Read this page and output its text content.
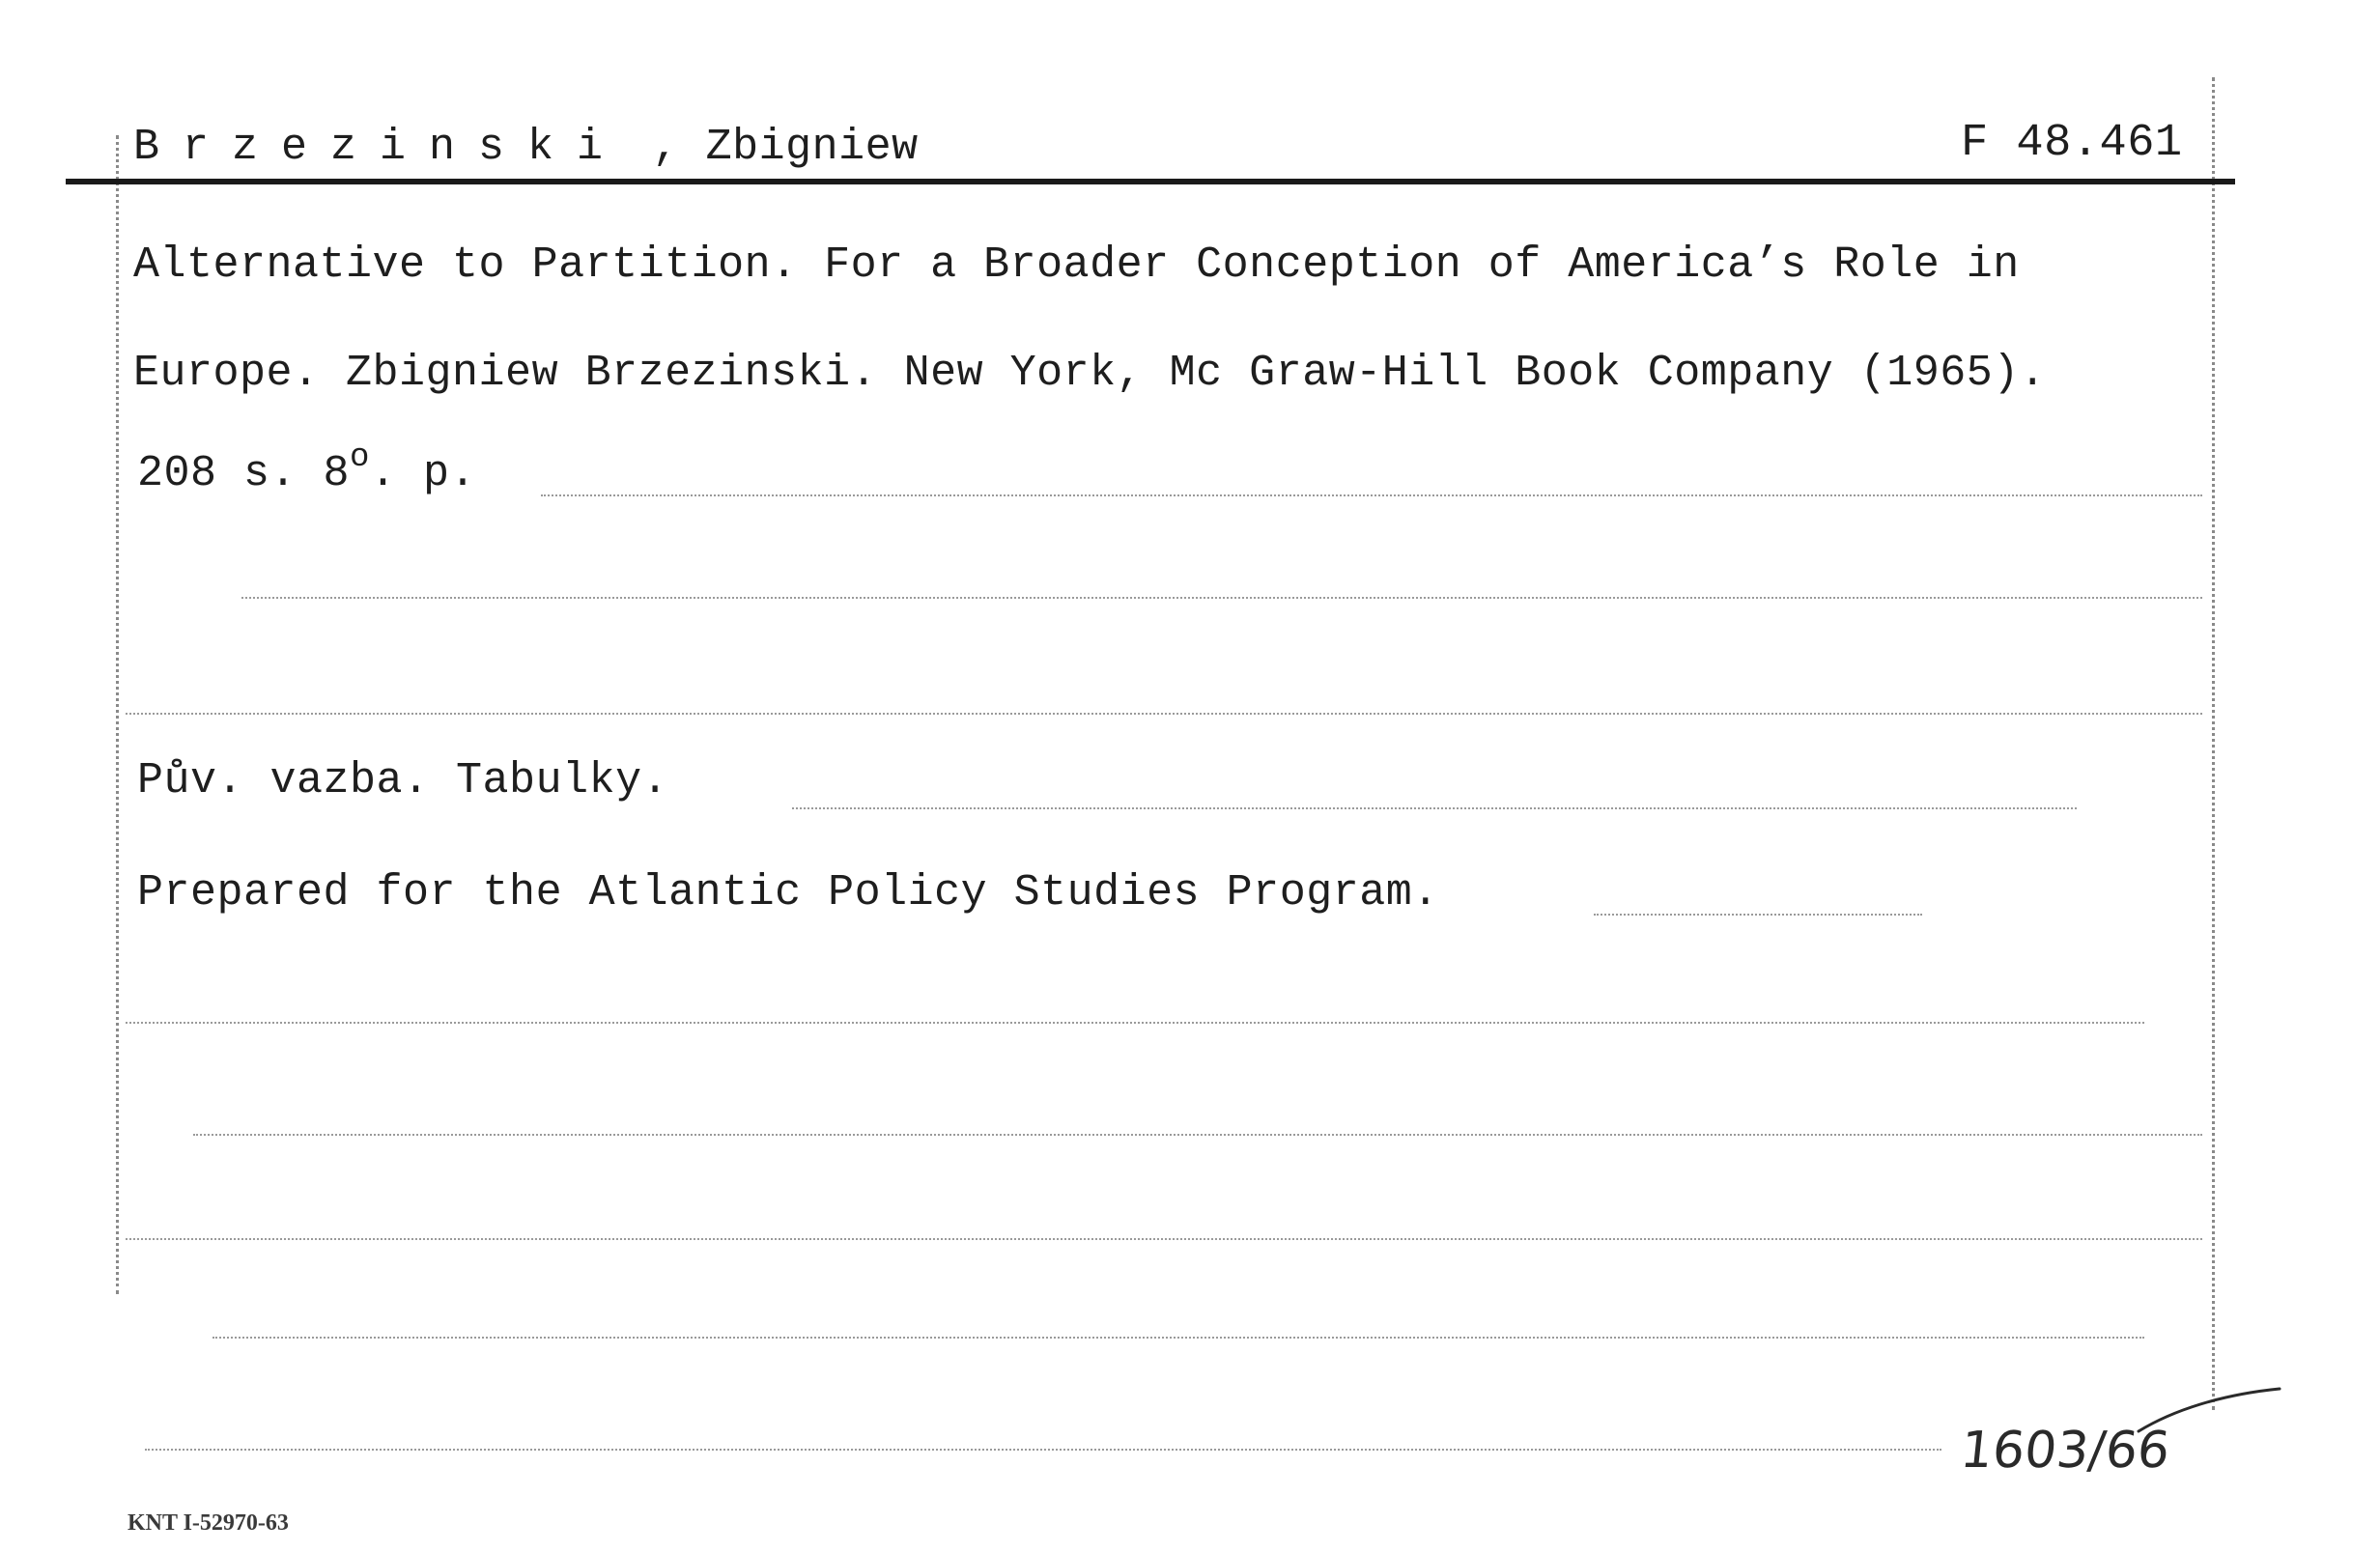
Brzezinski , Zbigniew	F 48.461
Alternative to Partition. For a Broader Conception of America’s Role in
Europe. Zbigniew Brzezinski. New York, Mc Graw-Hill Book Company (1965).
208 s. 8$^o$. p.
Pův. vazba. Tabulky.
Prepared for the Atlantic Policy Studies Program.
1603/66
KNT I-52970-63
